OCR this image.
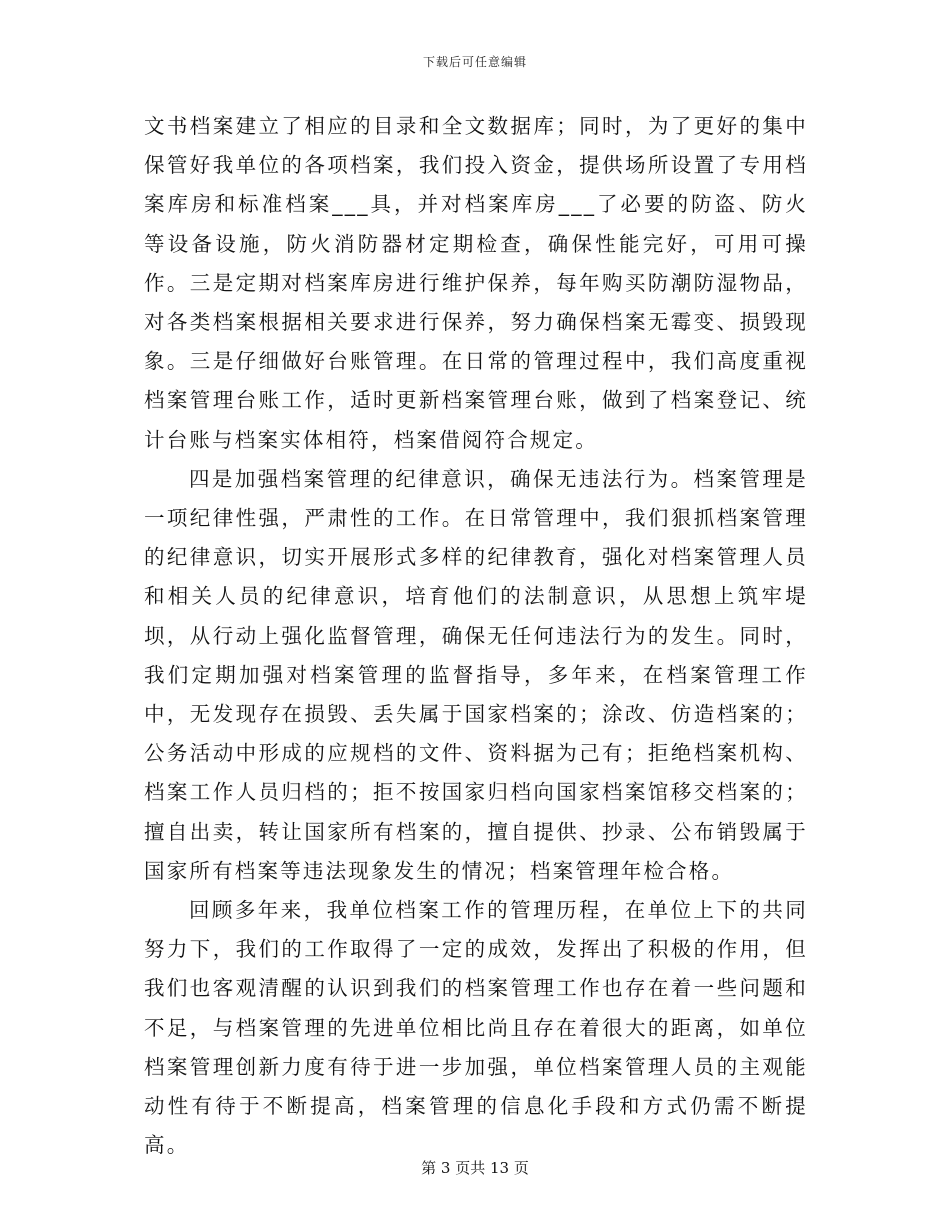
下载后可任意编辑

文书档案建立了相应的目录和全文数据库；同时，为了更好的集中保管好我单位的各项档案，我们投入资金，提供场所设置了专用档案库房和标准档案___具，并对档案库房___了必要的防盗、防火等设备设施，防火消防器材定期检查，确保性能完好，可用可操作。三是定期对档案库房进行维护保养，每年购买防潮防湿物品，对各类档案根据相关要求进行保养，努力确保档案无霉变、损毁现象。三是仔细做好台账管理。在日常的管理过程中，我们高度重视档案管理台账工作，适时更新档案管理台账，做到了档案登记、统计台账与档案实体相符，档案借阅符合规定。

四是加强档案管理的纪律意识，确保无违法行为。档案管理是一项纪律性强，严肃性的工作。在日常管理中，我们狠抓档案管理的纪律意识，切实开展形式多样的纪律教育，强化对档案管理人员和相关人员的纪律意识，培育他们的法制意识，从思想上筑牢堤坝，从行动上强化监督管理，确保无任何违法行为的发生。同时，我们定期加强对档案管理的监督指导，多年来，在档案管理工作中，无发现存在损毁、丢失属于国家档案的；涂改、仿造档案的；公务活动中形成的应规档的文件、资料据为己有；拒绝档案机构、档案工作人员归档的；拒不按国家归档向国家档案馆移交档案的；擅自出卖，转让国家所有档案的，擅自提供、抄录、公布销毁属于国家所有档案等违法现象发生的情况；档案管理年检合格。

回顾多年来，我单位档案工作的管理历程，在单位上下的共同努力下，我们的工作取得了一定的成效，发挥出了积极的作用，但我们也客观清醒的认识到我们的档案管理工作也存在着一些问题和不足，与档案管理的先进单位相比尚且存在着很大的距离，如单位档案管理创新力度有待于进一步加强，单位档案管理人员的主观能动性有待于不断提高，档案管理的信息化手段和方式仍需不断提高。

第 3 页共 13 页
